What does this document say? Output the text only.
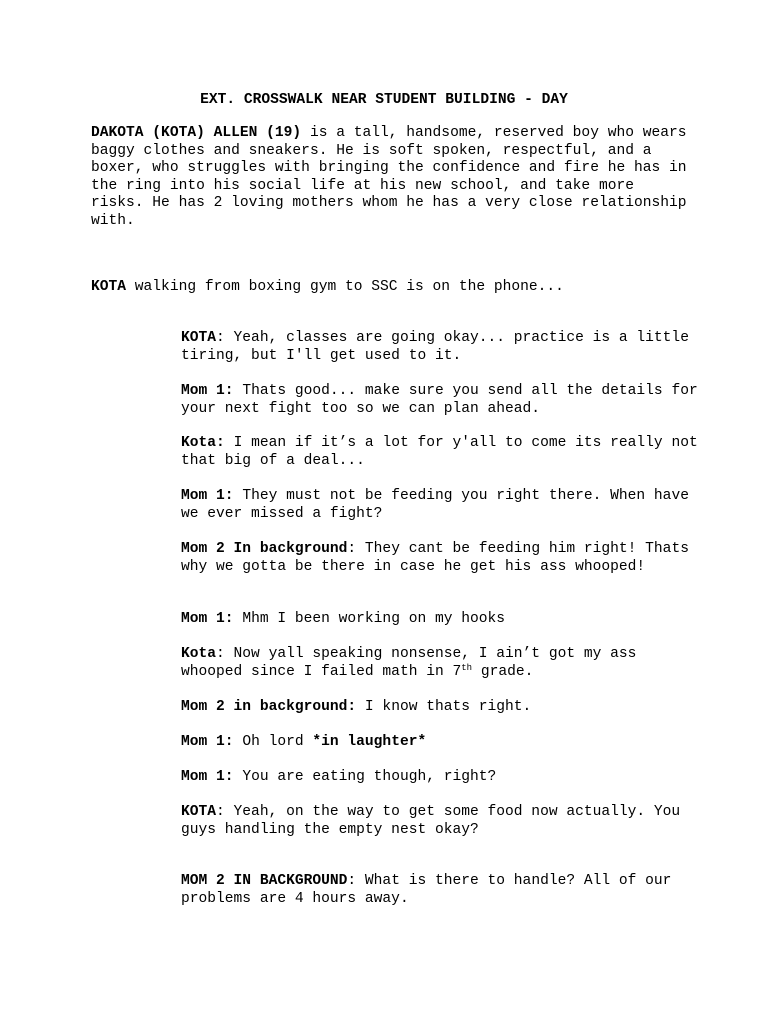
EXT. CROSSWALK NEAR STUDENT BUILDING - DAY
DAKOTA (KOTA) ALLEN (19) is a tall, handsome, reserved boy who wears baggy clothes and sneakers. He is soft spoken, respectful, and a boxer, who struggles with bringing the confidence and fire he has in the ring into his social life at his new school, and take more risks. He has 2 loving mothers whom he has a very close relationship with.
KOTA walking from boxing gym to SSC is on the phone...
KOTA: Yeah, classes are going okay... practice is a little tiring, but I'll get used to it.
Mom 1: Thats good... make sure you send all the details for your next fight too so we can plan ahead.
Kota: I mean if it’s a lot for y'all to come its really not that big of a deal...
Mom 1: They must not be feeding you right there. When have we ever missed a fight?
Mom 2 In background: They cant be feeding him right! Thats why we gotta be there in case he get his ass whooped!
Mom 1: Mhm I been working on my hooks
Kota: Now yall speaking nonsense, I ain’t got my ass whooped since I failed math in 7th grade.
Mom 2 in background: I know thats right.
Mom 1: Oh lord *in laughter*
Mom 1: You are eating though, right?
KOTA: Yeah, on the way to get some food now actually. You guys handling the empty nest okay?
MOM 2 IN BACKGROUND: What is there to handle? All of our problems are 4 hours away.
